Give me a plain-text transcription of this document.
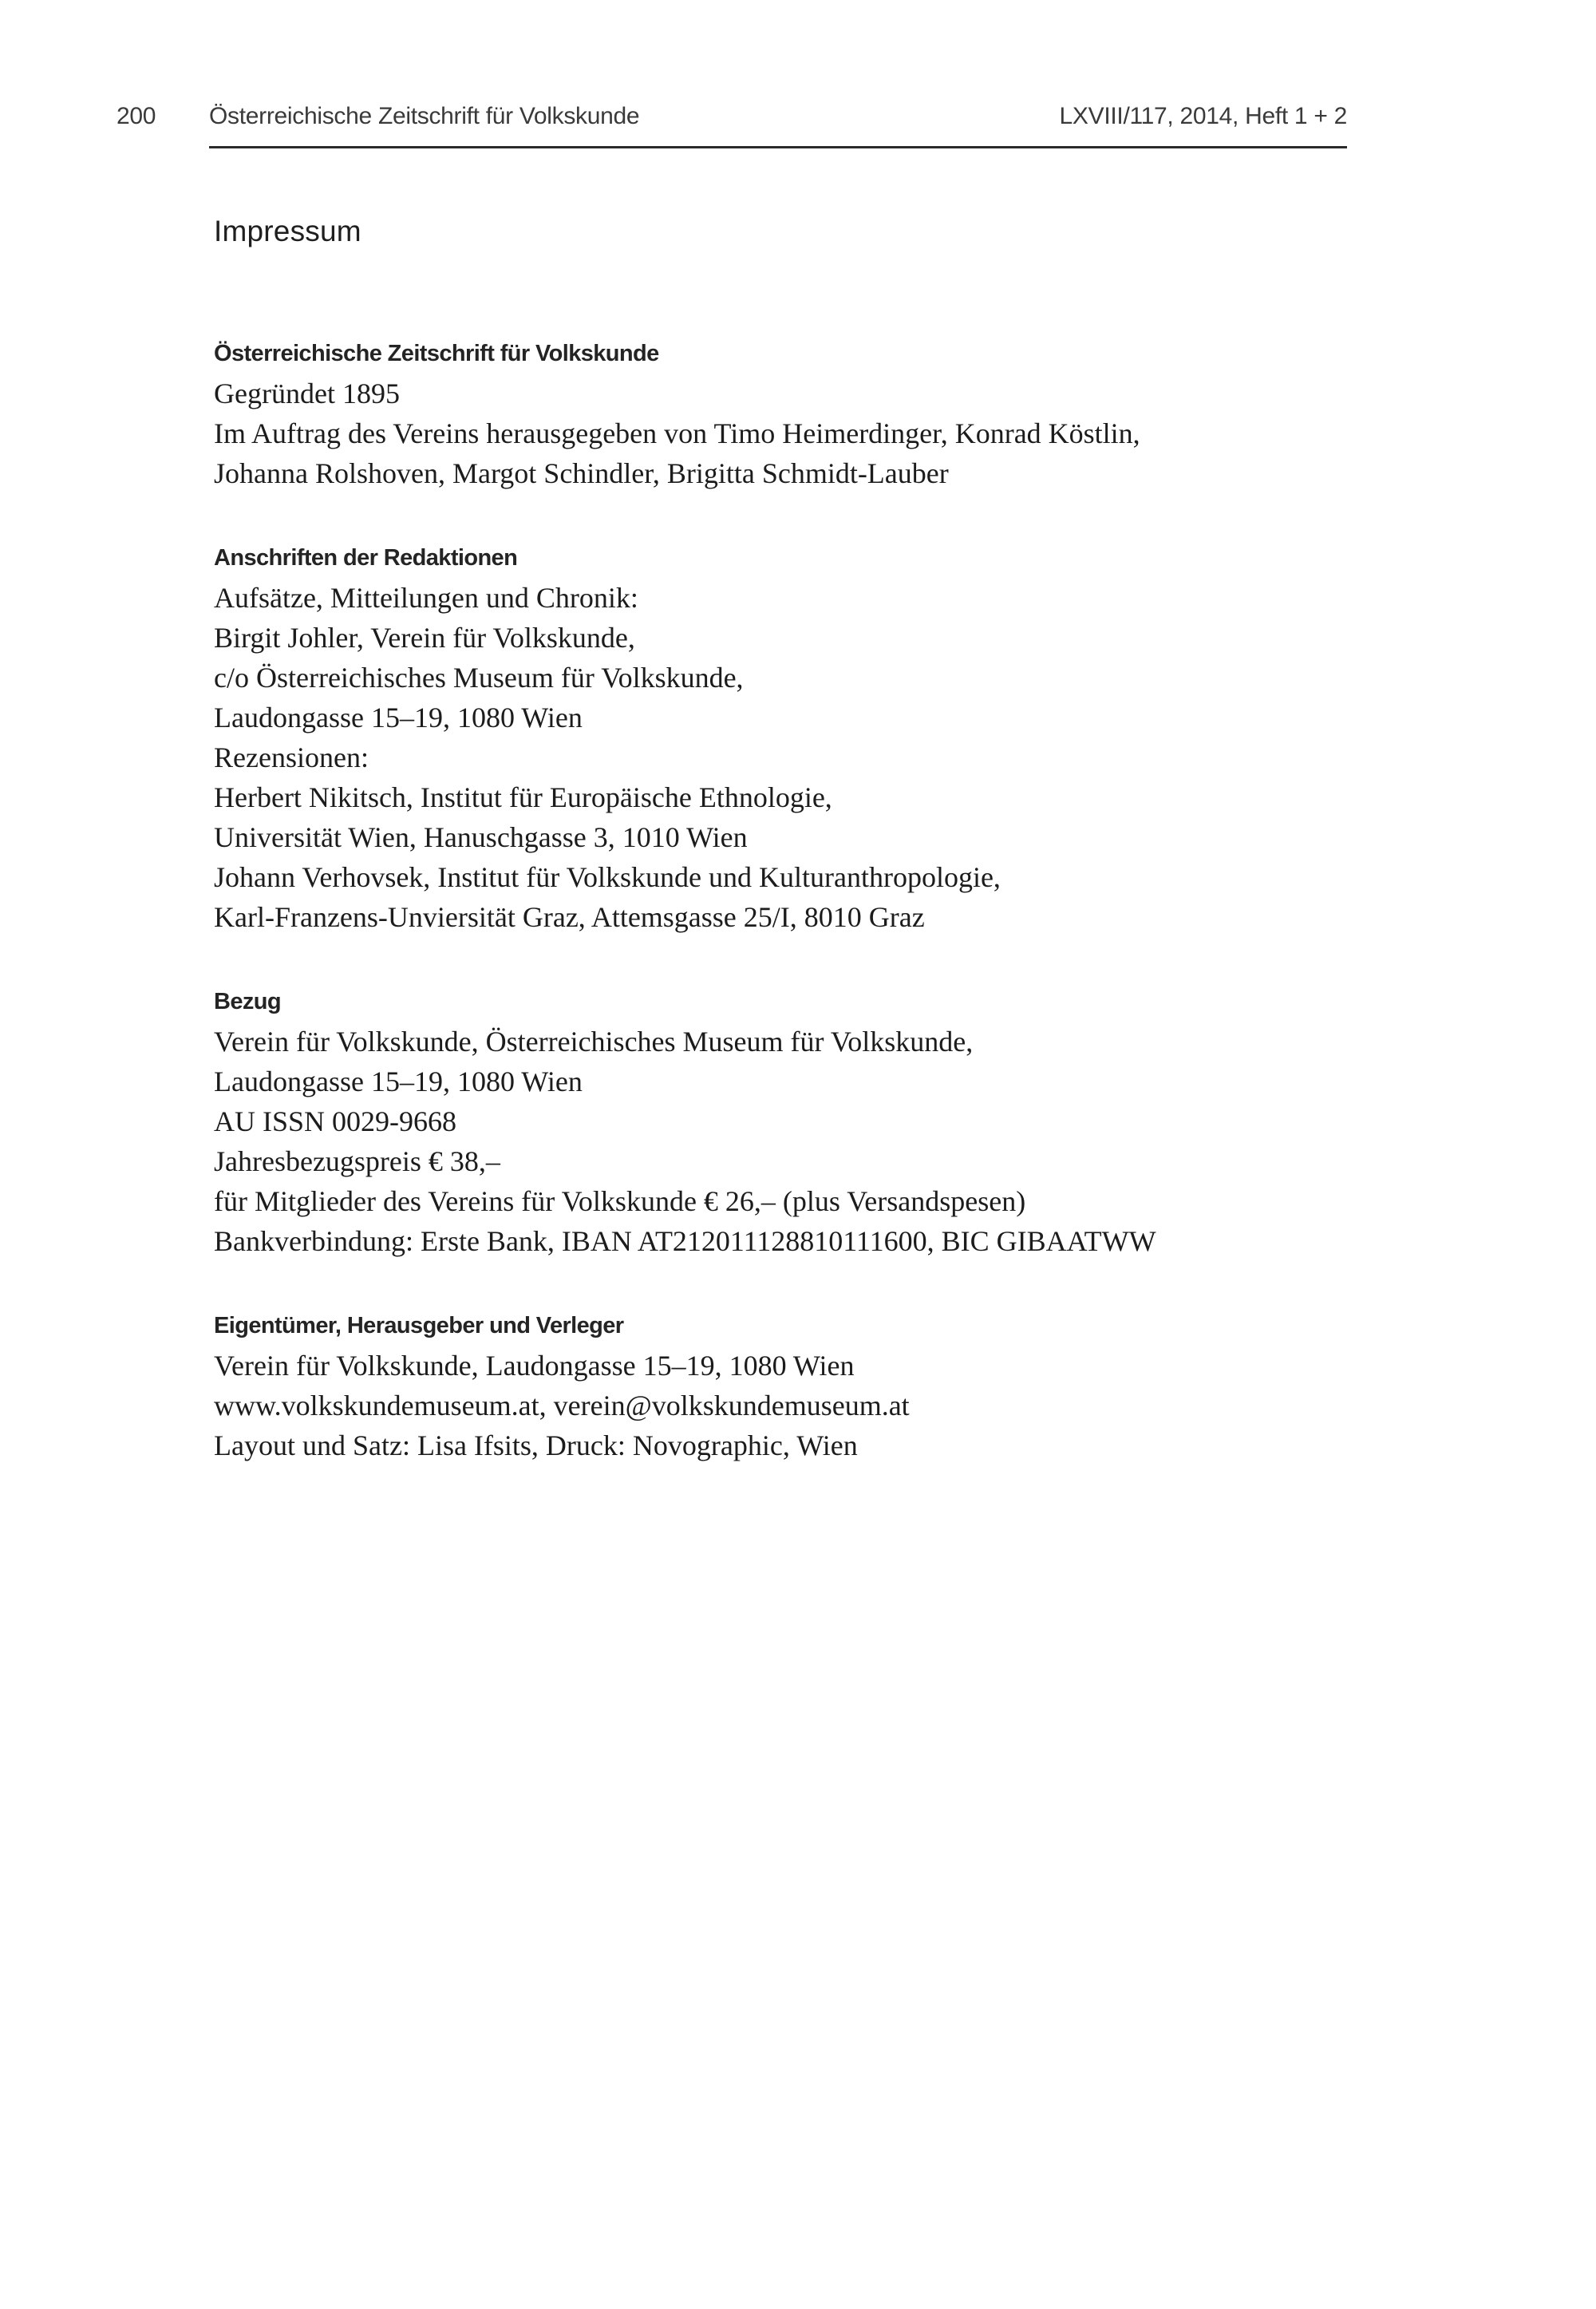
200	Österreichische Zeitschrift für Volkskunde	LXVIII/117, 2014, Heft 1 + 2
Impressum
Österreichische Zeitschrift für Volkskunde

Gegründet 1895

Im Auftrag des Vereins herausgegeben von Timo Heimerdinger, Konrad Köstlin,

Johanna Rolshoven, Margot Schindler, Brigitta Schmidt-Lauber

Anschriften der Redaktionen

Aufsätze, Mitteilungen und Chronik:

Birgit Johler, Verein für Volkskunde,

c/o Österreichisches Museum für Volkskunde,

Laudongasse 15–19, 1080 Wien

Rezensionen:

Herbert Nikitsch, Institut für Europäische Ethnologie,

Universität Wien, Hanuschgasse 3, 1010 Wien

Johann Verhovsek, Institut für Volkskunde und Kulturanthropologie,

Karl-Franzens-Unviersität Graz, Attemsgasse 25/I, 8010 Graz

Bezug

Verein für Volkskunde, Österreichisches Museum für Volkskunde,

Laudongasse 15–19, 1080 Wien

AU ISSN 0029-9668

Jahresbezugspreis € 38,–

für Mitglieder des Vereins für Volkskunde € 26,– (plus Versandspesen)

Bankverbindung: Erste Bank, IBAN AT212011128810111600, BIC GIBAATWW

Eigentümer, Herausgeber und Verleger

Verein für Volkskunde, Laudongasse 15–19, 1080 Wien

www.volkskundemuseum.at, verein@volkskundemuseum.at

Layout und Satz: Lisa Ifsits, Druck: Novographic, Wien
